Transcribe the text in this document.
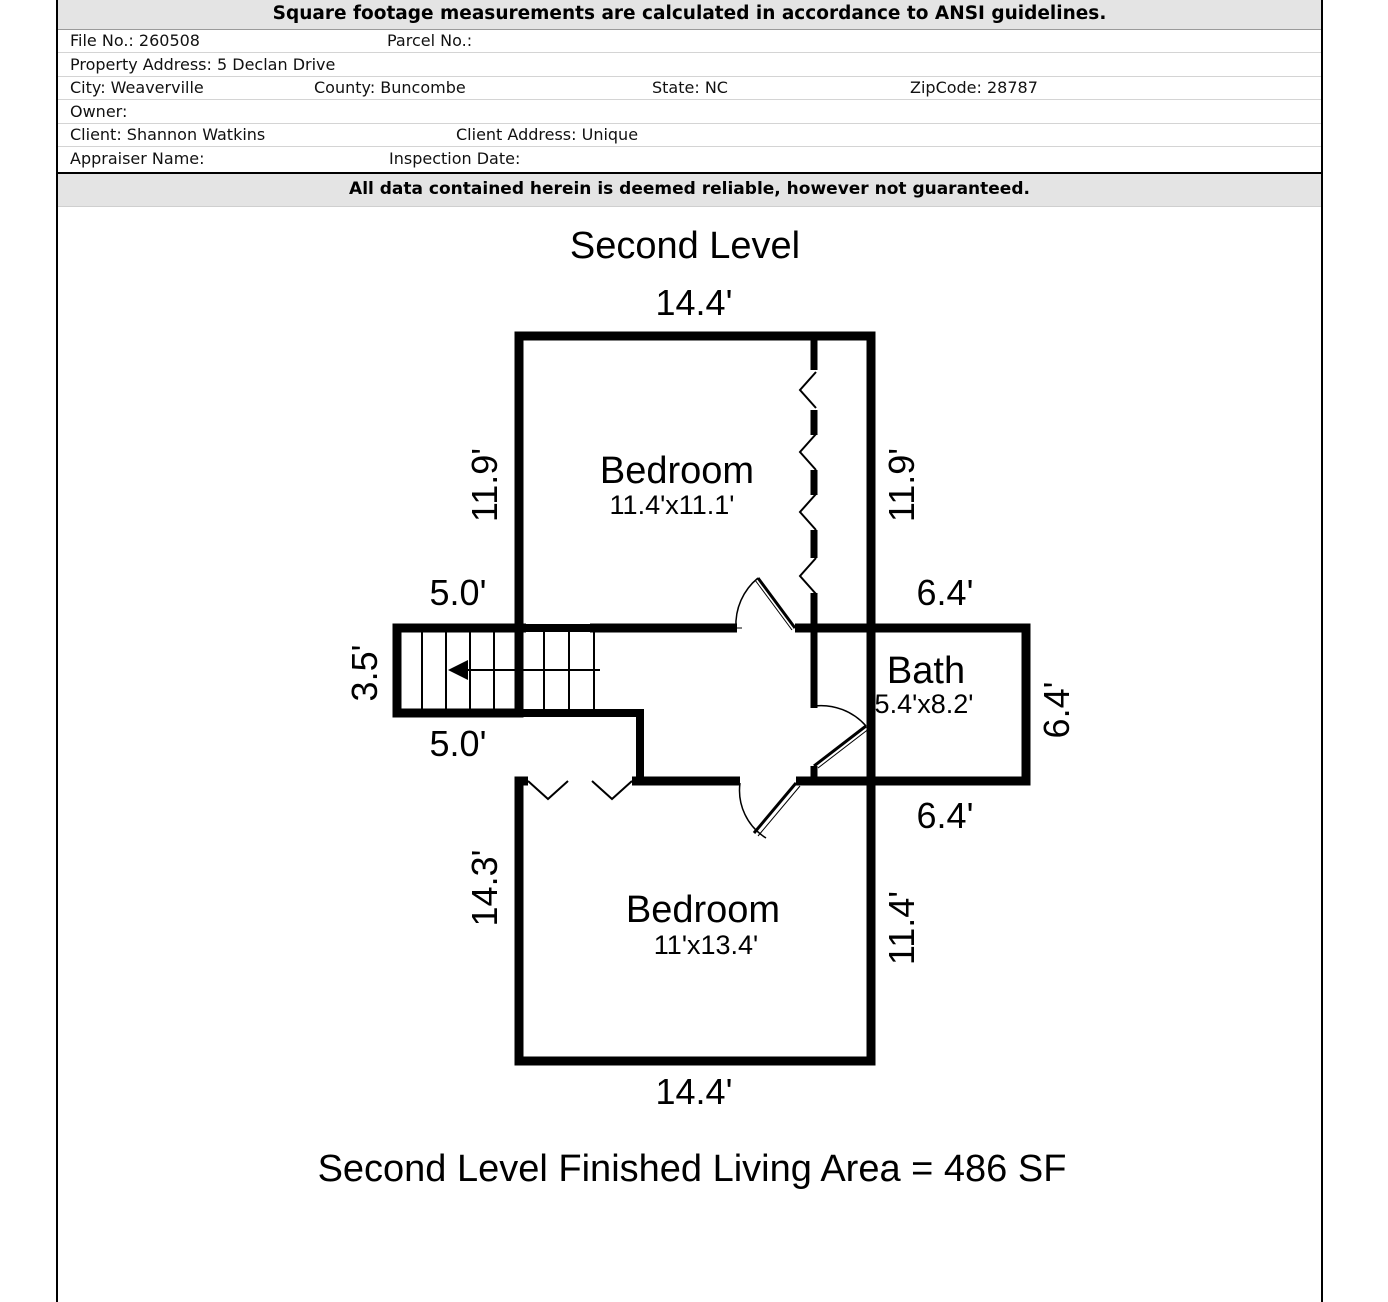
Square footage measurements are calculated in accordance to ANSI guidelines.
File No.: 260508	Parcel No.:
Property Address: 5 Declan Drive
City: Weaverville	County: Buncombe	State: NC	ZipCode: 28787
Owner:
Client: Shannon Watkins	Client Address: Unique
Appraiser Name:	Inspection Date:
All data contained herein is deemed reliable, however not guaranteed.
Second Level
Second Level Finished Living Area = 486 SF
Bedroom
11.4'x11.1'
Bath
5.4'x8.2'
Bedroom
11'x13.4'
14.4'
5.0'
5.0'
6.4'
6.4'
14.4'
11.9'	11.9'
3.5'
6.4'
14.3'
11.4'
